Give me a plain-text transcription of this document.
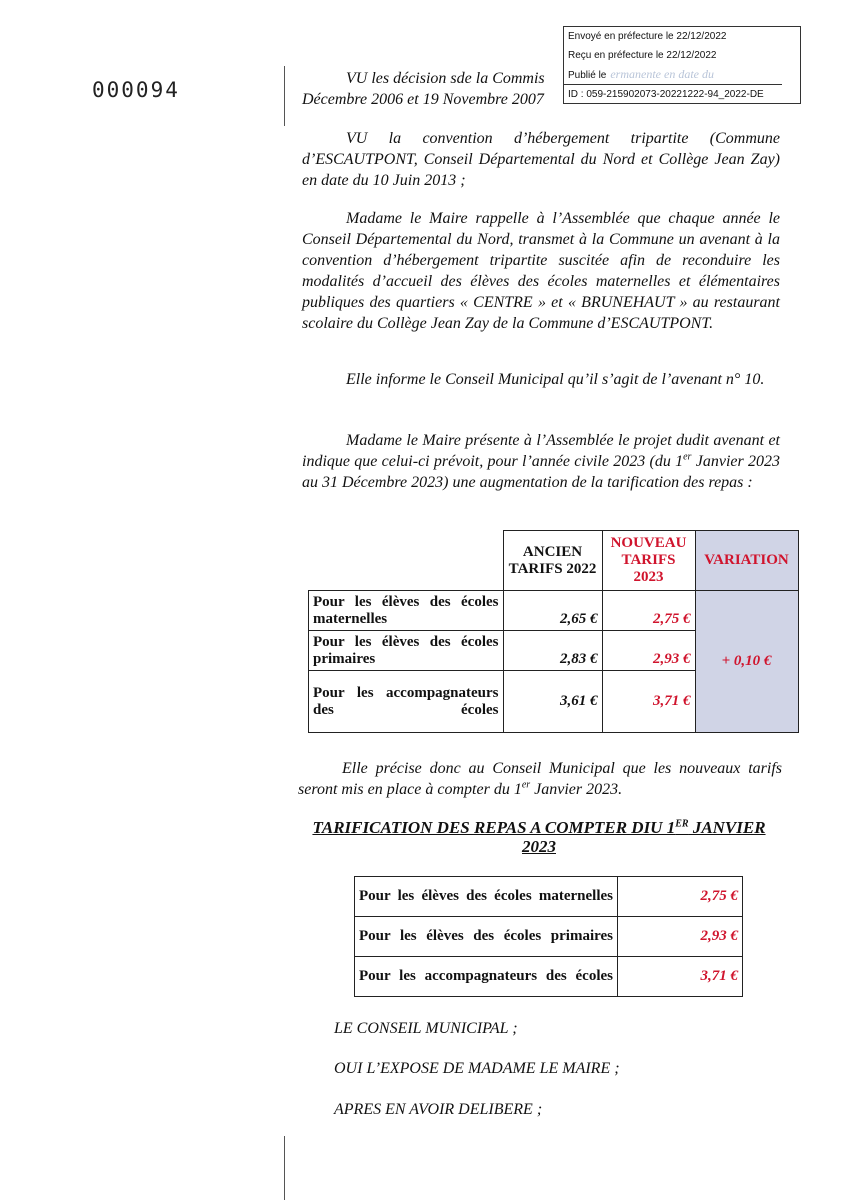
000094
Envoyé en préfecture le 22/12/2022
Reçu en préfecture le 22/12/2022
Publié le ermanente en date du
ID : 059-215902073-20221222-94_2022-DE

VU les décision sde la Commis

Décembre 2006 et 19 Novembre 2007

VU la convention d’hébergement tripartite (Commune d’ESCAUTPONT, Conseil Départemental du Nord et Collège Jean Zay) en date du 10 Juin 2013 ;

Madame le Maire rappelle à l’Assemblée que chaque année le Conseil Départemental du Nord, transmet à la Commune un avenant à la convention d’hébergement tripartite suscitée afin de reconduire les modalités d’accueil des élèves des écoles maternelles et élémentaires publiques des quartiers « CENTRE » et « BRUNEHAUT » au restaurant scolaire du Collège Jean Zay de la Commune d’ESCAUTPONT.

Elle informe le Conseil Municipal qu’il s’agit de l’avenant n° 10.

Madame le Maire présente à l’Assemblée le projet dudit avenant et indique que celui-ci prévoit, pour l’année civile 2023 (du 1er Janvier 2023 au 31 Décembre 2023) une augmentation de la tarification des repas :

	ANCIEN TARIFS 2022	NOUVEAU TARIFS 2023	VARIATION
Pour les élèves des écoles maternelles	2,65 €	2,75 €	+ 0,10 €
Pour les élèves des écoles primaires	2,83 €	2,93 €	
Pour les accompagnateurs des écoles	3,61 €	3,71 €	

Elle précise donc au Conseil Municipal que les nouveaux tarifs seront mis en place à compter du 1er Janvier 2023.

TARIFICATION DES REPAS A COMPTER DIU 1ER JANVIER 2023
Pour les élèves des écoles maternelles	2,75 €
Pour les élèves des écoles primaires	2,93 €
Pour les accompagnateurs des écoles	3,71 €
LE CONSEIL MUNICIPAL ;
OUI L’EXPOSE DE MADAME LE MAIRE ;
APRES EN AVOIR DELIBERE ;
